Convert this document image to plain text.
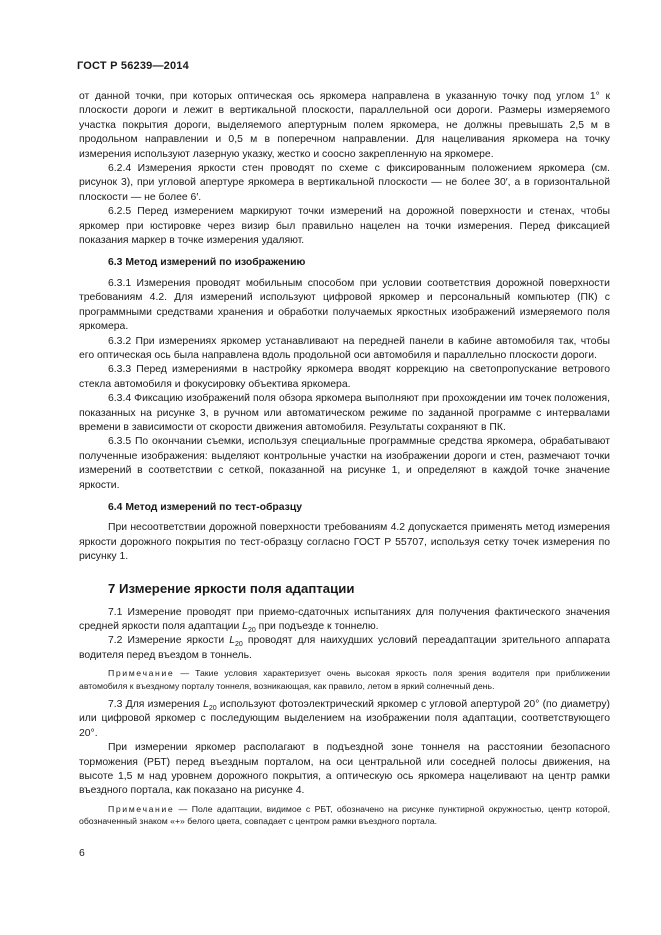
ГОСТ Р 56239—2014

от данной точки, при которых оптическая ось яркомера направлена в указанную точку под углом 1° к плоскости дороги и лежит в вертикальной плоскости, параллельной оси дороги. Размеры измеряемого участка покрытия дороги, выделяемого апертурным полем яркомера, не должны превышать 2,5 м в продольном направлении и 0,5 м в поперечном направлении. Для нацеливания яркомера на точку измерения используют лазерную указку, жестко и соосно закрепленную на яркомере.

6.2.4 Измерения яркости стен проводят по схеме с фиксированным положением яркомера (см. рисунок 3), при угловой апертуре яркомера в вертикальной плоскости — не более 30′, а в горизонтальной плоскости — не более 6′.

6.2.5 Перед измерением маркируют точки измерений на дорожной поверхности и стенах, чтобы яркомер при юстировке через визир был правильно нацелен на точки измерения. Перед фиксацией показания маркер в точке измерения удаляют.

6.3 Метод измерений по изображению

6.3.1 Измерения проводят мобильным способом при условии соответствия дорожной поверхности требованиям 4.2. Для измерений используют цифровой яркомер и персональный компьютер (ПК) с программными средствами хранения и обработки получаемых яркостных изображений измеряемого поля яркомера.

6.3.2 При измерениях яркомер устанавливают на передней панели в кабине автомобиля так, чтобы его оптическая ось была направлена вдоль продольной оси автомобиля и параллельно плоскости дороги.

6.3.3 Перед измерениями в настройку яркомера вводят коррекцию на светопропускание ветрового стекла автомобиля и фокусировку объектива яркомера.

6.3.4 Фиксацию изображений поля обзора яркомера выполняют при прохождении им точек положения, показанных на рисунке 3, в ручном или автоматическом режиме по заданной программе с интервалами времени в зависимости от скорости движения автомобиля. Результаты сохраняют в ПК.

6.3.5 По окончании съемки, используя специальные программные средства яркомера, обрабатывают полученные изображения: выделяют контрольные участки на изображении дороги и стен, размечают точки измерений в соответствии с сеткой, показанной на рисунке 1, и определяют в каждой точке значение яркости.

6.4 Метод измерений по тест-образцу

При несоответствии дорожной поверхности требованиям 4.2 допускается применять метод измерения яркости дорожного покрытия по тест-образцу согласно ГОСТ Р 55707, используя сетку точек измерения по рисунку 1.

7 Измерение яркости поля адаптации

7.1 Измерение проводят при приемо-сдаточных испытаниях для получения фактического значения средней яркости поля адаптации $L_{20}$ при подъезде к тоннелю.

7.2 Измерение яркости $L_{20}$ проводят для наихудших условий переадаптации зрительного аппарата водителя перед въездом в тоннель.

Примечание — Такие условия характеризует очень высокая яркость поля зрения водителя при приближении автомобиля к въездному порталу тоннеля, возникающая, как правило, летом в яркий солнечный день.

7.3 Для измерения $L_{20}$ используют фотоэлектрический яркомер с угловой апертурой 20° (по диаметру) или цифровой яркомер с последующим выделением на изображении поля адаптации, соответствующего 20°.

При измерении яркомер располагают в подъездной зоне тоннеля на расстоянии безопасного торможения (РБТ) перед въездным порталом, на оси центральной или соседней полосы движения, на высоте 1,5 м над уровнем дорожного покрытия, а оптическую ось яркомера нацеливают на центр рамки въездного портала, как показано на рисунке 4.

Примечание — Поле адаптации, видимое с РБТ, обозначено на рисунке пунктирной окружностью, центр которой, обозначенный знаком «+» белого цвета, совпадает с центром рамки въездного портала.

6
